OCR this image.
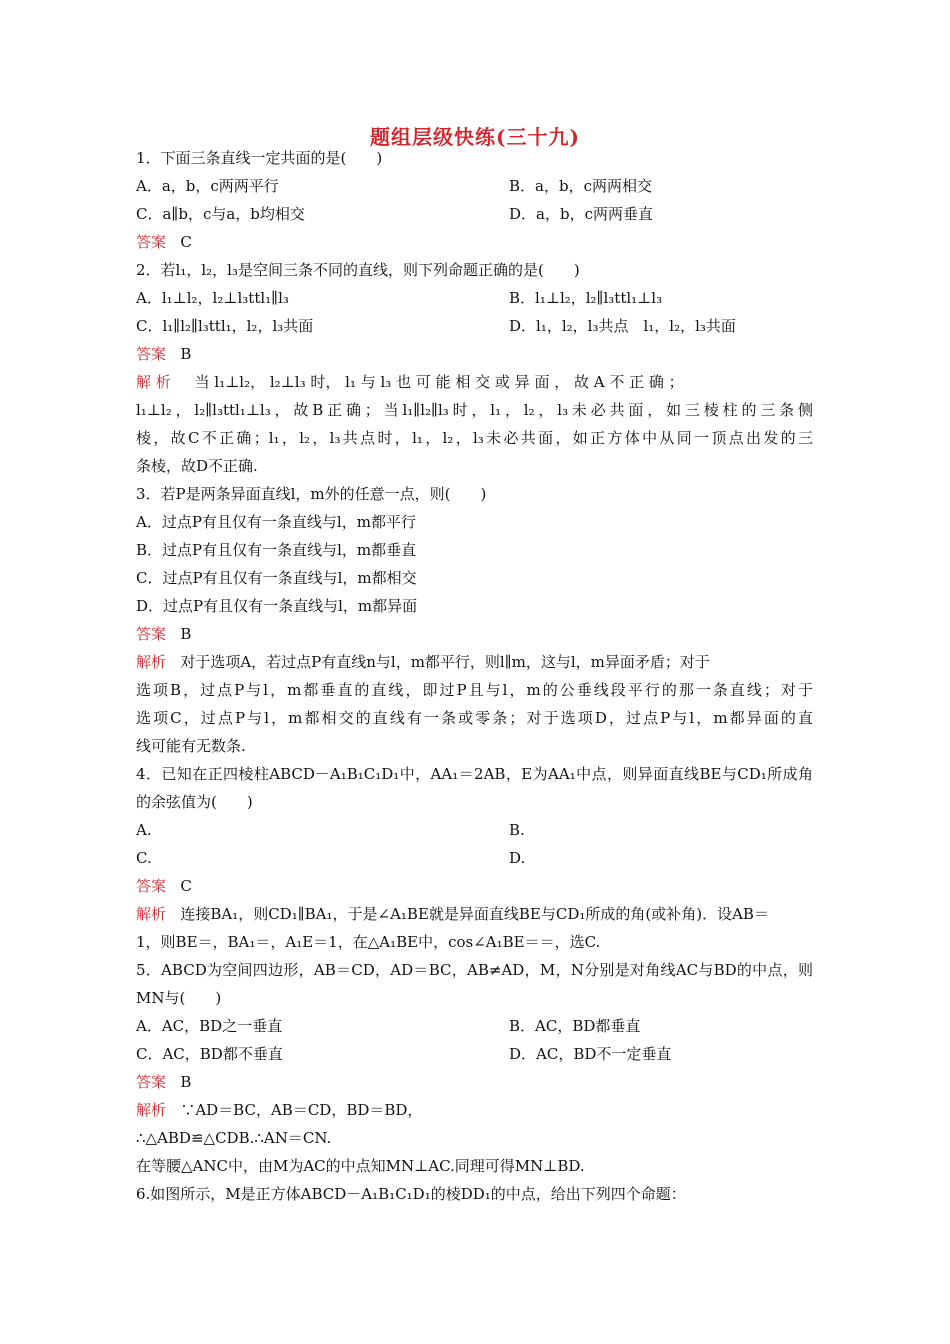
题组层级快练(三十九)
1．下面三条直线一定共面的是(　　)
A．a，b，c两两平行	B．a，b，c两两相交
C．a∥b，c与a，b均相交	D．a，b，c两两垂直
答案 C
2．若l₁，l₂，l₃是空间三条不同的直线，则下列命题正确的是(　　)
A．l₁⊥l₂，l₂⊥l₃ttl₁∥l₃	B．l₁⊥l₂，l₂∥l₃ttl₁⊥l₃
C．l₁∥l₂∥l₃ttl₁，l₂，l₃共面	D．l₁，l₂，l₃共点　l₁，l₂，l₃共面
答案 B
解 析 当 l₁⊥l₂， l₂⊥l₃ 时， l₁ 与 l₃ 也 可 能 相 交 或 异 面 ， 故 A 不 正 确 ；
l₁⊥l₂，l₂∥l₃ttl₁⊥l₃，故B正确；当l₁∥l₂∥l₃时，l₁，l₂，l₃未必共面，如三棱柱的三条侧
棱，故C不正确；l₁，l₂，l₃共点时，l₁，l₂，l₃未必共面，如正方体中从同一顶点出发的三
条棱，故D不正确.
3．若P是两条异面直线l，m外的任意一点，则(　　)
A．过点P有且仅有一条直线与l，m都平行
B．过点P有且仅有一条直线与l，m都垂直
C．过点P有且仅有一条直线与l，m都相交
D．过点P有且仅有一条直线与l，m都异面
答案 B
解析 对于选项A，若过点P有直线n与l，m都平行，则l∥m，这与l，m异面矛盾；对于
选项B，过点P与l，m都垂直的直线，即过P且与l，m的公垂线段平行的那一条直线；对于
选项C，过点P与l，m都相交的直线有一条或零条；对于选项D，过点P与l，m都异面的直
线可能有无数条.
4．已知在正四棱柱ABCD－A₁B₁C₁D₁中，AA₁＝2AB，E为AA₁中点，则异面直线BE与CD₁所成角
的余弦值为(　　)
A.	B.
C.	D.
答案 C
解析 连接BA₁，则CD₁∥BA₁，于是∠A₁BE就是异面直线BE与CD₁所成的角(或补角)．设AB＝
1，则BE＝，BA₁＝，A₁E＝1，在△A₁BE中，cos∠A₁BE＝＝，选C.
5．ABCD为空间四边形，AB＝CD，AD＝BC，AB≠AD，M，N分别是对角线AC与BD的中点，则
MN与(　　)
A．AC，BD之一垂直	B．AC，BD都垂直
C．AC，BD都不垂直	D．AC，BD不一定垂直
答案 B
解析 ∵AD＝BC，AB＝CD，BD＝BD，
∴△ABD≌△CDB.∴AN＝CN.
在等腰△ANC中，由M为AC的中点知MN⊥AC.同理可得MN⊥BD.
6.如图所示，M是正方体ABCD－A₁B₁C₁D₁的棱DD₁的中点，给出下列四个命题：
